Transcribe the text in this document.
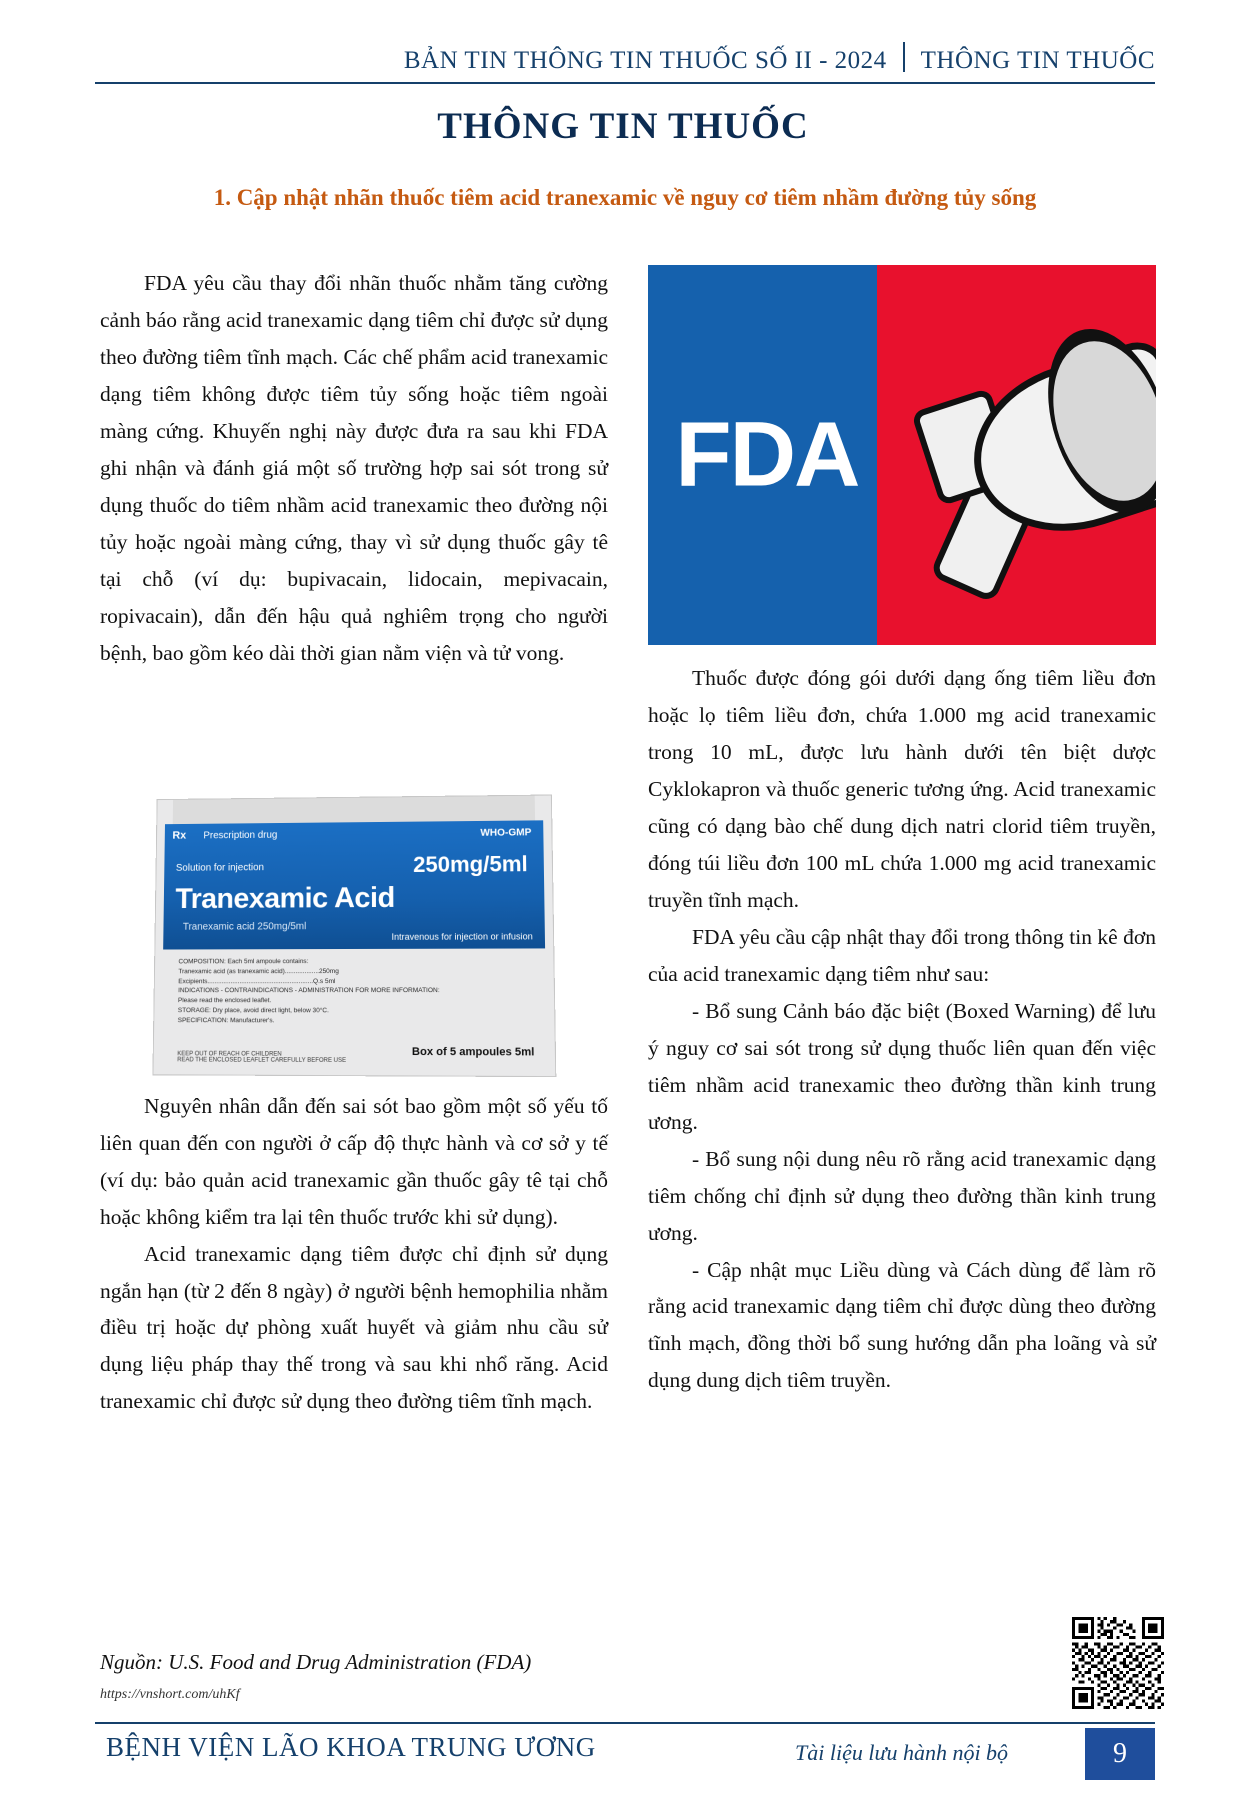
BẢN TIN THÔNG TIN THUỐC SỐ II - 2024 THÔNG TIN THUỐC
THÔNG TIN THUỐC
1. Cập nhật nhãn thuốc tiêm acid tranexamic về nguy cơ tiêm nhầm đường tủy sống
FDA

FDA yêu cầu thay đổi nhãn thuốc nhằm tăng cường cảnh báo rằng acid tranexamic dạng tiêm chỉ được sử dụng theo đường tiêm tĩnh mạch. Các chế phẩm acid tranexamic dạng tiêm không được tiêm tủy sống hoặc tiêm ngoài màng cứng. Khuyến nghị này được đưa ra sau khi FDA ghi nhận và đánh giá một số trường hợp sai sót trong sử dụng thuốc do tiêm nhầm acid tranexamic theo đường nội tủy hoặc ngoài màng cứng, thay vì sử dụng thuốc gây tê tại chỗ (ví dụ: bupivacain, lidocain, mepivacain, ropivacain), dẫn đến hậu quả nghiêm trọng cho người bệnh, bao gồm kéo dài thời gian nằm viện và tử vong.

Nguyên nhân dẫn đến sai sót bao gồm một số yếu tố liên quan đến con người ở cấp độ thực hành và cơ sở y tế (ví dụ: bảo quản acid tranexamic gần thuốc gây tê tại chỗ hoặc không kiểm tra lại tên thuốc trước khi sử dụng).

Acid tranexamic dạng tiêm được chỉ định sử dụng ngắn hạn (từ 2 đến 8 ngày) ở người bệnh hemophilia nhằm điều trị hoặc dự phòng xuất huyết và giảm nhu cầu sử dụng liệu pháp thay thế trong và sau khi nhổ răng. Acid tranexamic chỉ được sử dụng theo đường tiêm tĩnh mạch.

Rx Prescription drug	WHO-GMP
Solution for injection	250mg/5ml
Tranexamic Acid
Tranexamic acid 250mg/5ml
Intravenous for injection or infusion
COMPOSITION: Each 5ml ampoule contains:
Tranexamic acid (as tranexamic acid)...................250mg
Excipients...........................................................Q.s 5ml
INDICATIONS - CONTRAINDICATIONS - ADMINISTRATION FOR MORE INFORMATION:
Please read the enclosed leaflet.
STORAGE: Dry place, avoid direct light, below 30°C.
SPECIFICATION: Manufacturer's.
KEEP OUT OF REACH OF CHILDREN
READ THE ENCLOSED LEAFLET CAREFULLY BEFORE USE
Box of 5 ampoules 5ml

Thuốc được đóng gói dưới dạng ống tiêm liều đơn hoặc lọ tiêm liều đơn, chứa 1.000 mg acid tranexamic trong 10 mL, được lưu hành dưới tên biệt dược Cyklokapron và thuốc generic tương ứng. Acid tranexamic cũng có dạng bào chế dung dịch natri clorid tiêm truyền, đóng túi liều đơn 100 mL chứa 1.000 mg acid tranexamic truyền tĩnh mạch.

FDA yêu cầu cập nhật thay đổi trong thông tin kê đơn của acid tranexamic dạng tiêm như sau:

- Bổ sung Cảnh báo đặc biệt (Boxed Warning) để lưu ý nguy cơ sai sót trong sử dụng thuốc liên quan đến việc tiêm nhầm acid tranexamic theo đường thần kinh trung ương.

- Bổ sung nội dung nêu rõ rằng acid tranexamic dạng tiêm chống chỉ định sử dụng theo đường thần kinh trung ương.

- Cập nhật mục Liều dùng và Cách dùng để làm rõ rằng acid tranexamic dạng tiêm chỉ được dùng theo đường tĩnh mạch, đồng thời bổ sung hướng dẫn pha loãng và sử dụng dung dịch tiêm truyền.

Nguồn: U.S. Food and Drug Administration (FDA)
https://vnshort.com/uhKf
BỆNH VIỆN LÃO KHOA TRUNG ƯƠNG	Tài liệu lưu hành nội bộ	9
